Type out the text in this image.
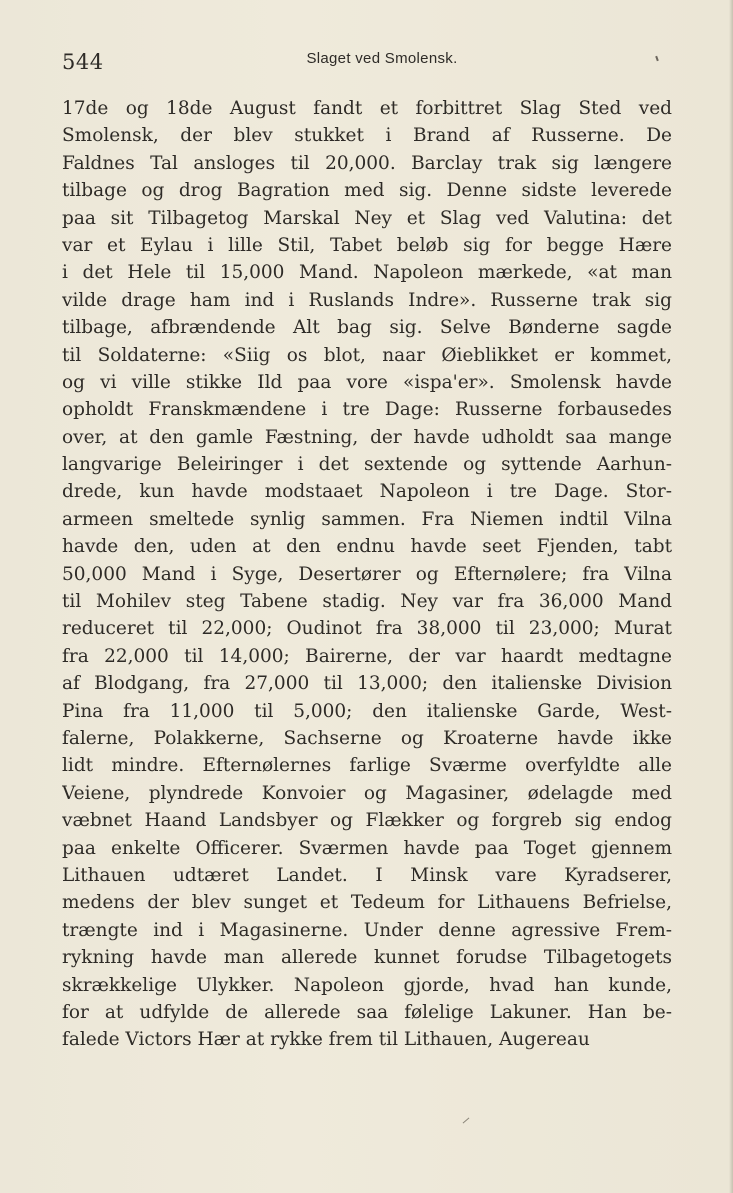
544	Slaget ved Smolensk.
17de og 18de August fandt et forbittret Slag Sted ved
Smolensk, der blev stukket i Brand af Russerne. De
Faldnes Tal ansloges til 20,000. Barclay trak sig længere
tilbage og drog Bagration med sig. Denne sidste leverede
paa sit Tilbagetog Marskal Ney et Slag ved Valutina: det
var et Eylau i lille Stil, Tabet beløb sig for begge Hære
i det Hele til 15,000 Mand. Napoleon mærkede, «at man
vilde drage ham ind i Ruslands Indre». Russerne trak sig
tilbage, afbrændende Alt bag sig. Selve Bønderne sagde
til Soldaterne: «Siig os blot, naar Øieblikket er kommet,
og vi ville stikke Ild paa vore «ispa'er». Smolensk havde
opholdt Franskmændene i tre Dage: Russerne forbausedes
over, at den gamle Fæstning, der havde udholdt saa mange
langvarige Beleiringer i det sextende og syttende Aarhun-
drede, kun havde modstaaet Napoleon i tre Dage. Stor-
armeen smeltede synlig sammen. Fra Niemen indtil Vilna
havde den, uden at den endnu havde seet Fjenden, tabt
50,000 Mand i Syge, Desertører og Efternølere; fra Vilna
til Mohilev steg Tabene stadig. Ney var fra 36,000 Mand
reduceret til 22,000; Oudinot fra 38,000 til 23,000; Murat
fra 22,000 til 14,000; Bairerne, der var haardt medtagne
af Blodgang, fra 27,000 til 13,000; den italienske Division
Pina fra 11,000 til 5,000; den italienske Garde, West-
falerne, Polakkerne, Sachserne og Kroaterne havde ikke
lidt mindre. Efternølernes farlige Sværme overfyldte alle
Veiene, plyndrede Konvoier og Magasiner, ødelagde med
væbnet Haand Landsbyer og Flækker og forgreb sig endog
paa enkelte Officerer. Sværmen havde paa Toget gjennem
Lithauen udtæret Landet. I Minsk vare Kyradserer,
medens der blev sunget et Tedeum for Lithauens Befrielse,
trængte ind i Magasinerne. Under denne agressive Frem-
rykning havde man allerede kunnet forudse Tilbagetogets
skrækkelige Ulykker. Napoleon gjorde, hvad han kunde,
for at udfylde de allerede saa følelige Lakuner. Han be-
falede Victors Hær at rykke frem til Lithauen, Augereau
